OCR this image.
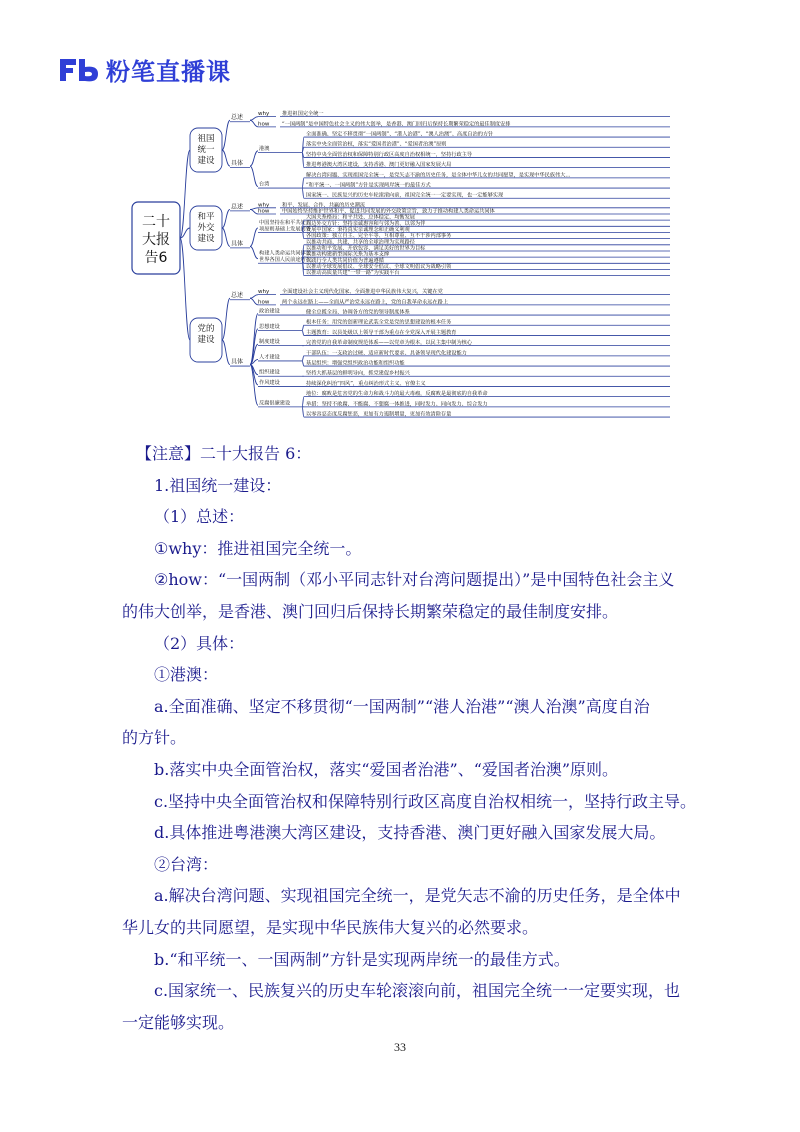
粉笔直播课
二十
大报
告6
祖国
统一
建设
why 推进祖国完全统一
how “一国两制”是中国特色社会主义的伟大创举，是香港、澳门回归后保持长期繁荣稳定的最佳制度安排
全面准确、坚定不移贯彻“一国两制”、“港人治港”、“澳人治澳”、高度自治的方针
落实中央全面管治权，落实“爱国者治港”、“爱国者治澳”原则
坚持中央全面管治权和保障特别行政区高度自治权相统一，坚持行政主导
推进粤港澳大湾区建设，支持香港、澳门更好融入国家发展大局
解决台湾问题、实现祖国完全统一，是党矢志不渝的历史任务，是全体中华儿女的共同愿望，是实现中华民族伟大…
“和平统一、一国两制”方针是实现两岸统一的最佳方式
国家统一、民族复兴的历史车轮滚滚向前，祖国完全统一一定要实现，也一定能够实现
总述
具体
港澳
台湾
和平
外交
建设
why 和平、发展、合作、共赢的历史潮流
how 中国始终坚持维护世界和平、促进共同发展的外交政策宗旨，致力于推动构建人类命运共同体
大国关系格局：和平共处、总体稳定、均衡发展
周边外交方针：坚持亲诚惠容和与邻为善、以邻为伴
发展中国家：秉持真实亲诚理念和正确义利观
各国政策：独立自主、完全平等、互相尊重、互不干涉内部事务
以推动共商、共建、共享的全球治理为实现路径
以推动和平发展、开放包容、满足美好的世界为目标
以推动构建新型国际关系为基本支撑
以践行全人类共同价值为普遍遵循
以推动全球发展倡议、全球安全倡议、全球文明倡议为战略引领
以推动高质量共建“一带一路”为实践平台
总述
具体
中国坚持在和平共处五
项原则基础上发展同各
构建人类命运共同体是
世界各国人民前途所在
党的
建设
why 全面建设社会主义现代化国家、全面推进中华民族伟大复兴，关键在党
how 两个永远在路上——全面从严治党永远在路上，党的自我革命永远在路上
健全总揽全局、协调各方的党的领导制度体系
根本任务：用党的创新理论武装全党是党的思想建设的根本任务
主题教育：以县处级以上领导干部为重点在全党深入开展主题教育
完善党的自我革命制度规范体系——以党章为根本，以民主集中制为核心
干部队伍：一支政治过硬、适应新时代要求、具备领导现代化建设能力
基层组织：增强党组织政治功能和组织功能
坚持大抓基层的鲜明导向，抓党建促乡村振兴
持续深化纠治“四风”，重点纠治形式主义、官僚主义
地位：腐败是危害党的生命力和战斗力的最大毒瘤，反腐败是最彻底的自我革命
举措：坚持不敢腐、不能腐、不想腐一体推进，同时发力、同向发力、综合发力
以零容忍态度反腐惩恶，更加有力遏制增量，更加有效清除存量
总述
具体
政治建设
思想建设
制度建设
人才建设
组织建设
作风建设
反腐倡廉建设
【注意】二十大报告 6：
1.祖国统一建设：
（1）总述：
①why：推进祖国完全统一。
②how：“一国两制（邓小平同志针对台湾问题提出）”是中国特色社会主义
的伟大创举，是香港、澳门回归后保持长期繁荣稳定的最佳制度安排。
（2）具体：
①港澳：
a.全面准确、坚定不移贯彻“一国两制”“港人治港”“澳人治澳”高度自治
的方针。
b.落实中央全面管治权，落实“爱国者治港”、“爱国者治澳”原则。
c.坚持中央全面管治权和保障特别行政区高度自治权相统一，坚持行政主导。
d.具体推进粤港澳大湾区建设，支持香港、澳门更好融入国家发展大局。
②台湾：
a.解决台湾问题、实现祖国完全统一，是党矢志不渝的历史任务，是全体中
华儿女的共同愿望，是实现中华民族伟大复兴的必然要求。
b.“和平统一、一国两制”方针是实现两岸统一的最佳方式。
c.国家统一、民族复兴的历史车轮滚滚向前，祖国完全统一一定要实现，也
一定能够实现。
33
